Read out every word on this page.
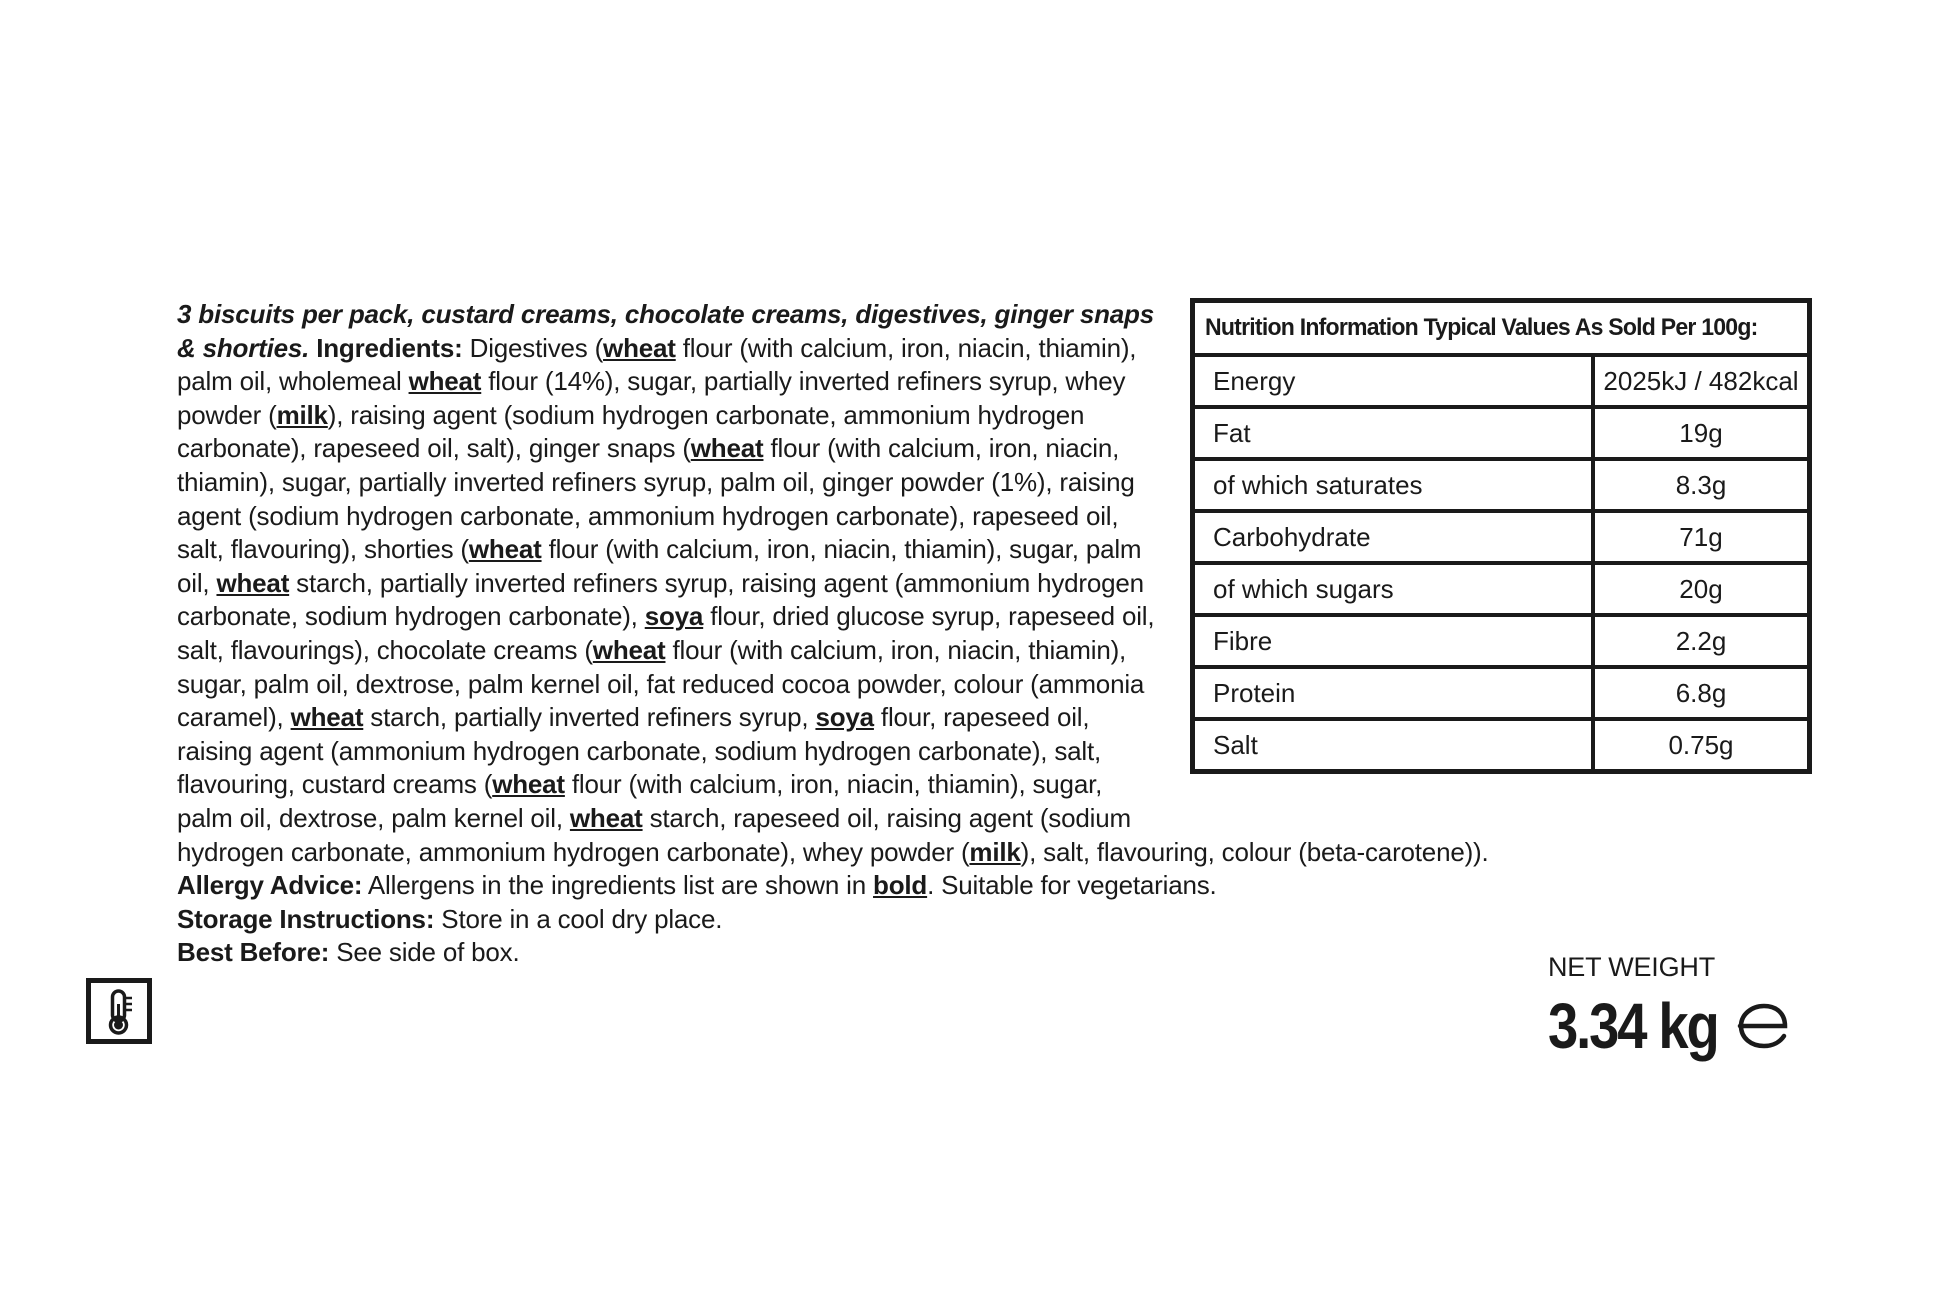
3 biscuits per pack, custard creams, chocolate creams, digestives, ginger snaps & shorties. Ingredients: Digestives (wheat flour (with calcium, iron, niacin, thiamin), palm oil, wholemeal wheat flour (14%), sugar, partially inverted refiners syrup, whey powder (milk), raising agent (sodium hydrogen carbonate, ammonium hydrogen carbonate), rapeseed oil, salt), ginger snaps (wheat flour (with calcium, iron, niacin, thiamin), sugar, partially inverted refiners syrup, palm oil, ginger powder (1%), raising agent (sodium hydrogen carbonate, ammonium hydrogen carbonate), rapeseed oil, salt, flavouring), shorties (wheat flour (with calcium, iron, niacin, thiamin), sugar, palm oil, wheat starch, partially inverted refiners syrup, raising agent (ammonium hydrogen carbonate, sodium hydrogen carbonate), soya flour, dried glucose syrup, rapeseed oil, salt, flavourings), chocolate creams (wheat flour (with calcium, iron, niacin, thiamin), sugar, palm oil, dextrose, palm kernel oil, fat reduced cocoa powder, colour (ammonia caramel), wheat starch, partially inverted refiners syrup, soya flour, rapeseed oil, raising agent (ammonium hydrogen carbonate, sodium hydrogen carbonate), salt, flavouring, custard creams (wheat flour (with calcium, iron, niacin, thiamin), sugar, palm oil, dextrose, palm kernel oil, wheat starch, rapeseed oil, raising agent (sodium hydrogen carbonate, ammonium hydrogen carbonate), whey powder (milk), salt, flavouring, colour (beta-carotene)).

Allergy Advice: Allergens in the ingredients list are shown in bold. Suitable for vegetarians.

Storage Instructions: Store in a cool dry place.

Best Before: See side of box.

Nutrition Information Typical Values As Sold Per 100g:	
Energy	2025kJ / 482kcal
Fat	19g
of which saturates	8.3g
Carbohydrate	71g
of which sugars	20g
Fibre	2.2g
Protein	6.8g
Salt	0.75g
NET WEIGHT
3.34 kg
